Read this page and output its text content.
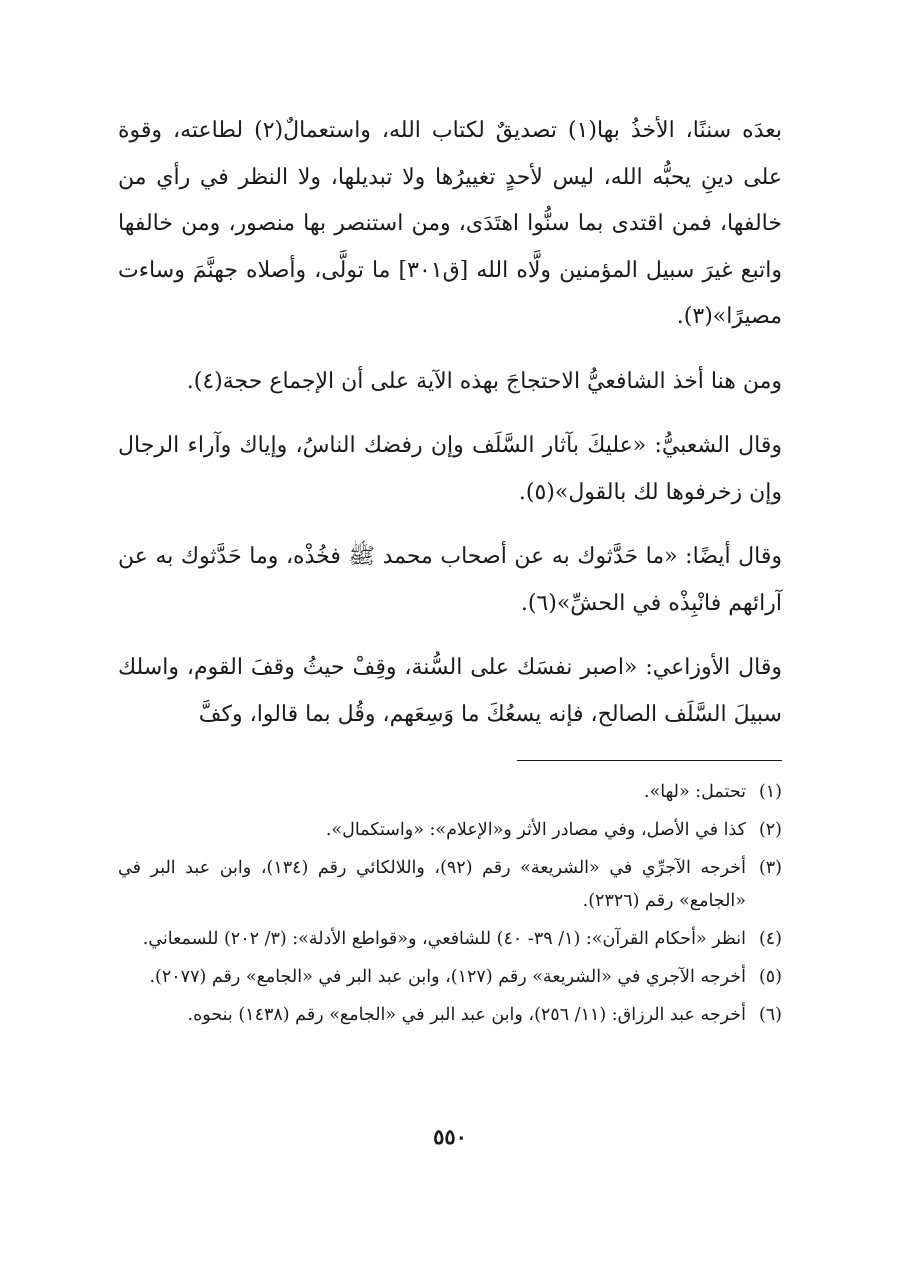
بعدَه سننًا، الأخذُ بها(١) تصديقٌ لكتاب الله، واستعمالٌ(٢) لطاعته، وقوة على دينِ يحبُّه الله، ليس لأحدٍ تغييرُها ولا تبديلها، ولا النظر في رأي من خالفها، فمن اقتدى بما سنُّوا اهتَدَى، ومن استنصر بها منصور، ومن خالفها واتبع غيرَ سبيل المؤمنين ولَّاه الله [ق٣٠١] ما تولَّى، وأصلاه جهنَّمَ وساءت مصيرًا»(٣).

ومن هنا أخذ الشافعيُّ الاحتجاجَ بهذه الآية على أن الإجماع حجة(٤).

وقال الشعبيُّ: «عليكَ بآثار السَّلَف وإن رفضك الناسُ، وإياك وآراء الرجال وإن زخرفوها لك بالقول»(٥).

وقال أيضًا: «ما حَدَّثوك به عن أصحاب محمد ﷺ فخُذْه، وما حَدَّثوك به عن آرائهم فانْبِذْه في الحشِّ»(٦).

وقال الأوزاعي: «اصبر نفسَك على السُّنة، وقِفْ حيثُ وقفَ القوم، واسلك سبيلَ السَّلَف الصالح، فإنه يسعُكَ ما وَسِعَهم، وقُل بما قالوا، وكفَّ

(١)
تحتمل: «لها».
(٢)
كذا في الأصل، وفي مصادر الأثر و«الإعلام»: «واستكمال».
(٣)
أخرجه الآجرِّي في «الشريعة» رقم (٩٢)، واللالكائي رقم (١٣٤)، وابن عبد البر في «الجامع» رقم (٢٣٢٦).
(٤)
انظر «أحكام القرآن»: (١/ ٣٩- ٤٠) للشافعي، و«قواطع الأدلة»: (٣/ ٢٠٢) للسمعاني.
(٥)
أخرجه الآجري في «الشريعة» رقم (١٢٧)، وابن عبد البر في «الجامع» رقم (٢٠٧٧).
(٦)
أخرجه عبد الرزاق: (١١/ ٢٥٦)، وابن عبد البر في «الجامع» رقم (١٤٣٨) بنحوه.
٥٥٠
